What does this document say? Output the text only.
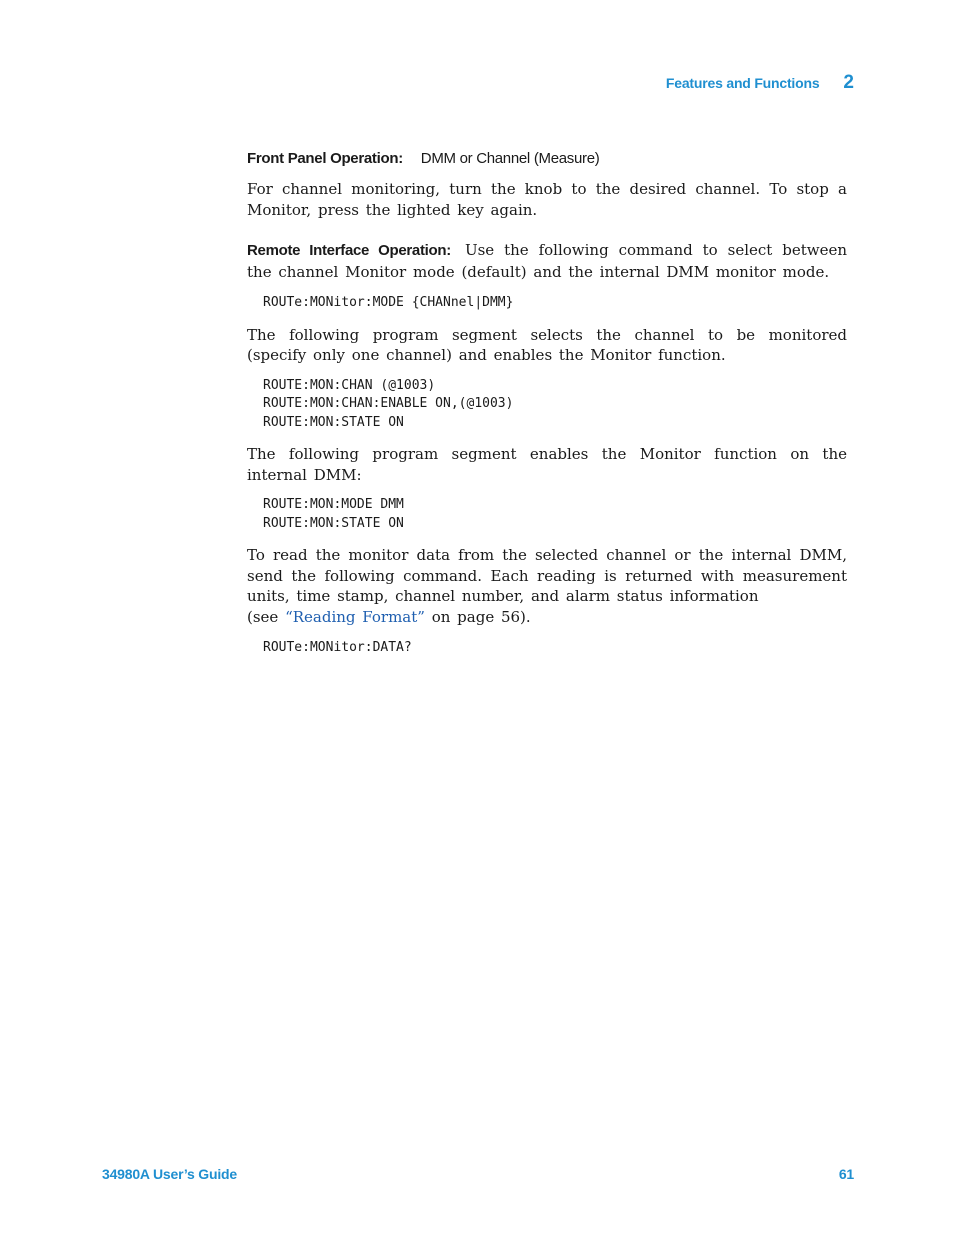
Features and Functions 2

Front Panel Operation: DMM or Channel (Measure)

For channel monitoring, turn the knob to the desired channel. To stop a Monitor, press the lighted key again.

Remote Interface Operation: Use the following command to select between the channel Monitor mode (default) and the internal DMM monitor mode.

ROUTe:MONitor:MODE {CHANnel|DMM}

The following program segment selects the channel to be monitored (specify only one channel) and enables the Monitor function.

ROUTE:MON:CHAN (@1003)

ROUTE:MON:CHAN:ENABLE ON,(@1003)

ROUTE:MON:STATE ON

The following program segment enables the Monitor function on the internal DMM:

ROUTE:MON:MODE DMM

ROUTE:MON:STATE ON

To read the monitor data from the selected channel or the internal DMM, send the following command. Each reading is returned with measurement units, time stamp, channel number, and alarm status information
(see “Reading Format” on page 56).

ROUTe:MONitor:DATA?

34980A User’s Guide	61
